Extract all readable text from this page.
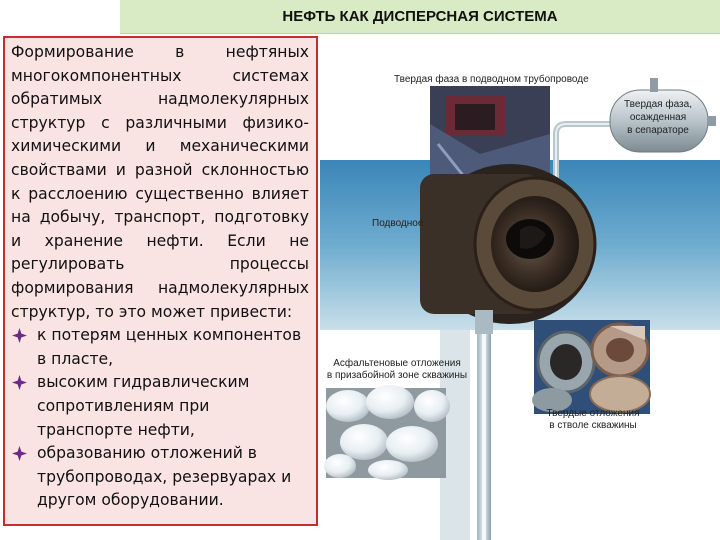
НЕФТЬ КАК ДИСПЕРСНАЯ СИСТЕМА

Формирование в нефтяных многокомпонентных системах обратимых надмолекулярных структур с различными физико-химическими и механическими свойствами и разной склонностью к расслоению существенно влияет на добычу, транспорт, подготовку и хранение нефти. Если не регулировать процессы формирования надмолекулярных
структур, то это может привести:

к потерям ценных компонентов в пласте,
высоким гидравлическим сопротивлениям при транспорте нефти,
образованию отложений в трубопроводах, резервуарах и другом оборудовании.
Твердая фаза в подводном трубопроводе
Твердая фаза,
осажденная
в сепараторе
Подводное
Асфальтеновые отложения
в призабойной зоне скважины
Твердые отложения
в стволе скважины
